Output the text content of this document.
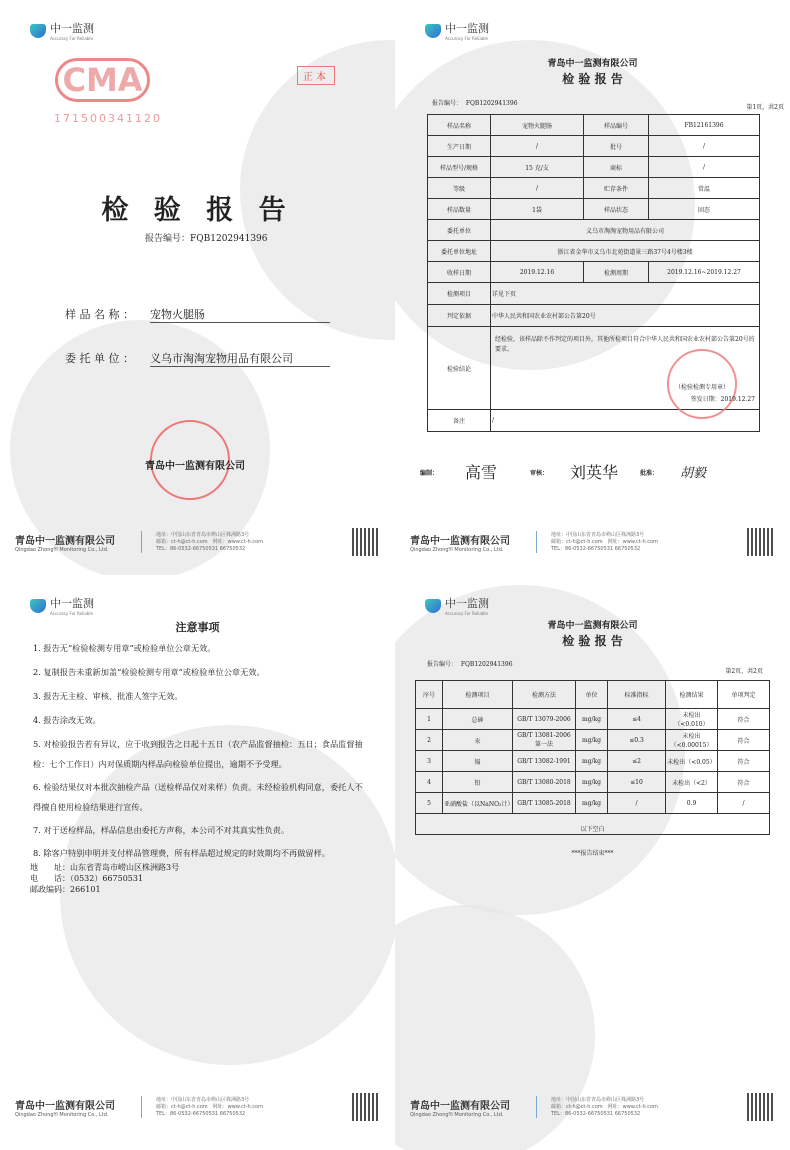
中一监测
Accuracy For Reliable
CMA
171500341120
正本
检 验 报 告
报告编号：FQB1202941396
样 品 名 称 ： 宠物火腿肠
委 托 单 位 ： 义乌市淘淘宠物用品有限公司
青岛中一监测有限公司
青岛中一监测有限公司
Qingdao ZhongYi Monitoring Co., Ltd.
地址：中国山东省青岛市崂山区株洲路3号
邮箱：ct-h@ct-h.com　网址：www.ct-h.com
TEL：86-0532-66750531 66750532
中一监测
Accuracy For Reliable
青岛中一监测有限公司
检 验 报 告
报告编号： FQB1202941396
第1页，共2页
样品名称	宠物火腿肠	样品编号	FB12161396
生产日期	/	批号	/
样品型号/规格	15 克/支	商标	/
等级	/	贮存条件	常温
样品数量	1袋	样品状态	固态
委托单位	义乌市淘淘宠物用品有限公司		
委托单位地址	浙江省金华市义乌市北苑街道景三路37号4号楼3楼		
收样日期	2019.12.16	检测周期	2019.12.16~2019.12.27
检测项目	详见下页		
判定依据	中华人民共和国农业农村部公告第20号		
检验结论	经检验，该样品除不作判定的项目外，其他所检项目符合中华人民共和国农业农村部公告第20号的要求。
（检验检测专用章）
签发日期：2019.12.27		

备注	/		
编制： 高雪	审核： 刘英华	批准： 胡毅
青岛中一监测有限公司
Qingdao ZhongYi Monitoring Co., Ltd.
地址：中国山东省青岛市崂山区株洲路3号
邮箱：ct-h@ct-h.com　网址：www.ct-h.com
TEL：86-0532-66750531 66750532
中一监测
Accuracy For Reliable
注意事项
1. 报告无“检验检测专用章”或检验单位公章无效。
2. 复制报告未重新加盖“检验检测专用章”或检验单位公章无效。
3. 报告无主检、审核、批准人签字无效。
4. 报告涂改无效。
5. 对检验报告若有异议，应于收到报告之日起十五日（农产品监督抽检：五日；食品监督抽检：七个工作日）内对保质期内样品向检验单位提出，逾期不予受理。
6. 检验结果仅对本批次抽检产品（送检样品仅对来样）负责。未经检验机构同意，委托人不得擅自使用检验结果进行宣传。
7. 对于送检样品，样品信息由委托方声称，本公司不对其真实性负责。
8. 除客户特别申明并支付样品管理费，所有样品超过规定的时效期均不再做留样。
地　　址：山东省青岛市崂山区株洲路3号
电　　话：（0532）66750531
邮政编码：266101
青岛中一监测有限公司
Qingdao ZhongYi Monitoring Co., Ltd.
地址：中国山东省青岛市崂山区株洲路3号
邮箱：ct-h@ct-h.com　网址：www.ct-h.com
TEL：86-0532-66750531 66750532
中一监测
Accuracy For Reliable
青岛中一监测有限公司
检 验 报 告
报告编号： FQB1202941396
第2页，共2页
序号	检测项目	检测方法	单位	标准指标	检测结果	单项判定
1	总砷	GB/T 13079-2006	mg/kg	≤4	未检出（<0.010）	符合
2	汞	GB/T 13081-2006 第一法	mg/kg	≤0.3	未检出（<0.00015）	符合
3	镉	GB/T 13082-1991	mg/kg	≤2	未检出（<0.05）	符合
4	铅	GB/T 13080-2018	mg/kg	≤10	未检出（<2）	符合
5	亚硝酸盐（以NaNO₂计）	GB/T 13085-2018	mg/kg	/	0.9	/
以下空白						
***报告结束***
青岛中一监测有限公司
Qingdao ZhongYi Monitoring Co., Ltd.
地址：中国山东省青岛市崂山区株洲路3号
邮箱：ct-h@ct-h.com　网址：www.ct-h.com
TEL：86-0532-66750531 66750532
